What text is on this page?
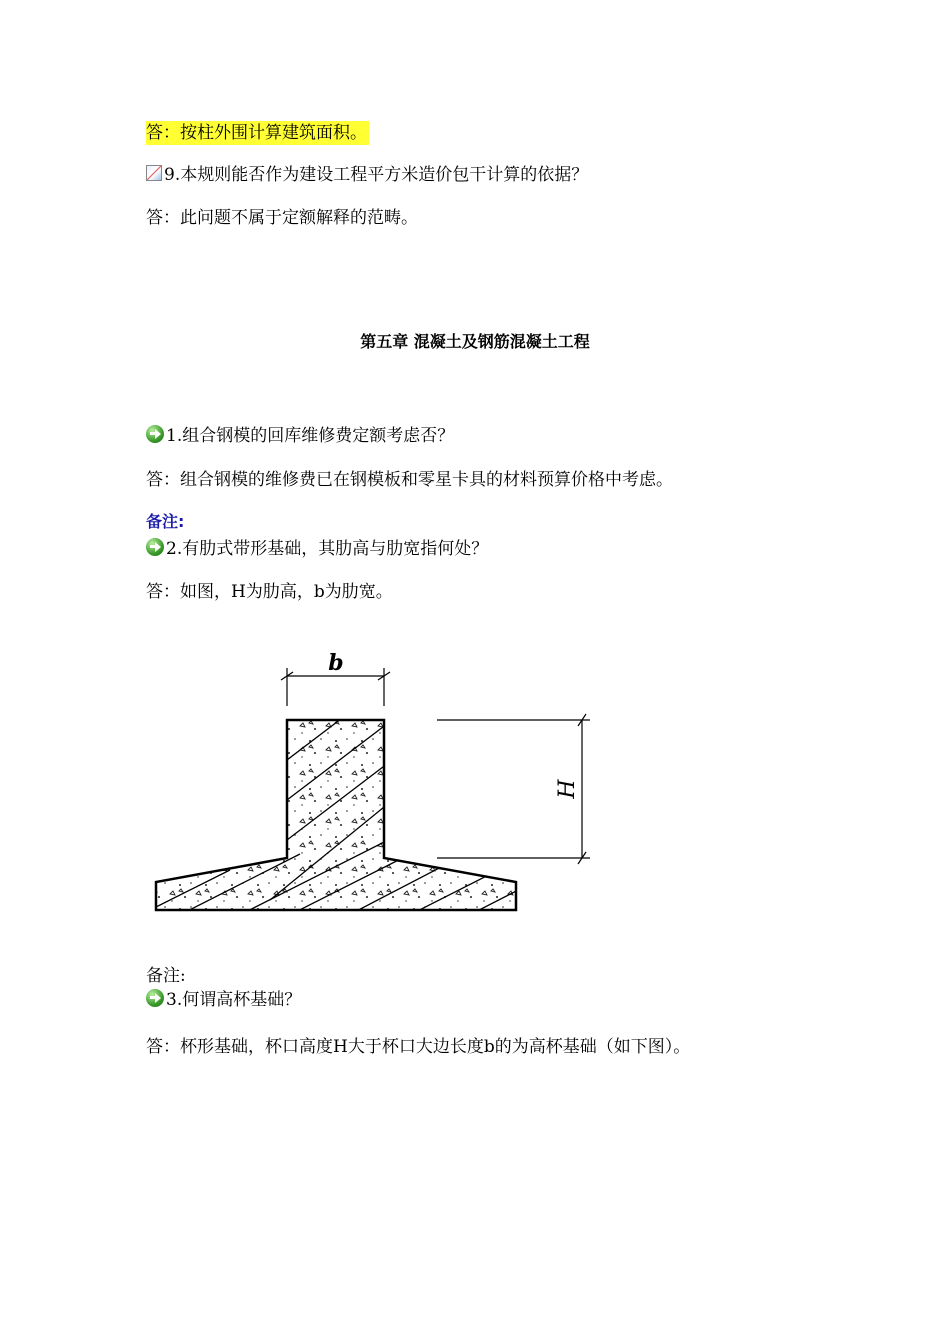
答：按柱外围计算建筑面积。
9.本规则能否作为建设工程平方米造价包干计算的依据？
答：此问题不属于定额解释的范畴。
第五章 混凝土及钢筋混凝土工程
1.组合钢模的回库维修费定额考虑否？
答：组合钢模的维修费已在钢模板和零星卡具的材料预算价格中考虑。
备注:
2.有肋式带形基础，其肋高与肋宽指何处？
答：如图，H为肋高，b为肋宽。
b
H
备注:
3.何谓高杯基础？
答：杯形基础，杯口高度H大于杯口大边长度b的为高杯基础（如下图）。
